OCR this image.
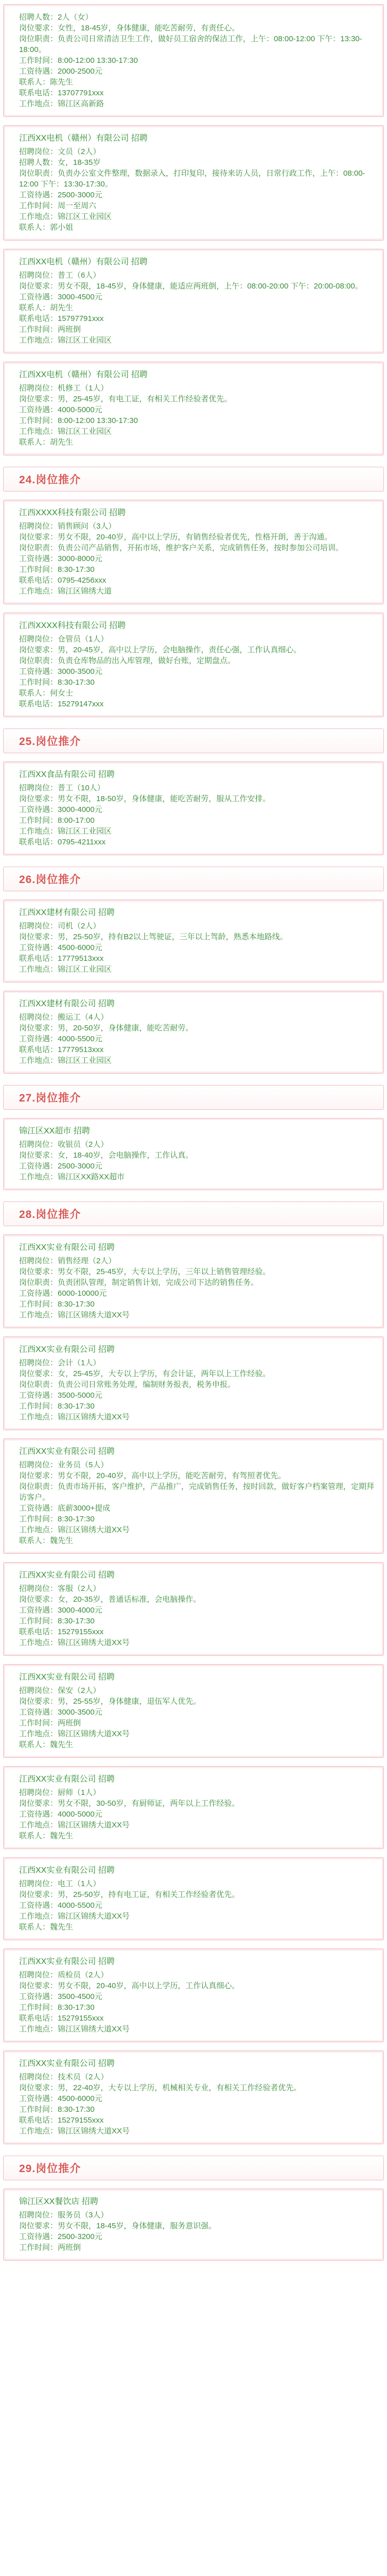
招聘人数：2人（女）
岗位要求：女性，18-45岁，身体健康，能吃苦耐劳，有责任心。
岗位职责：负责公司日常清洁卫生工作，做好员工宿舍的保洁工作，上午：08:00-12:00 下午：13:30-18:00。
工作时间：8:00-12:00 13:30-17:30
工资待遇：2000-2500元
联系人：陈先生
联系电话：13707791xxx
工作地点：锦江区高新路
江西XX电机（赣州）有限公司 招聘
招聘岗位：文员（2人）
招聘人数：女，18-35岁
岗位职责：负责办公室文件整理，数据录入，打印复印，接待来访人员，日常行政工作，上午：08:00-12:00 下午：13:30-17:30。
工资待遇：2500-3000元
工作时间：周一至周六
工作地点：锦江区工业园区
联系人：郭小姐
江西XX电机（赣州）有限公司 招聘
招聘岗位：普工（6人）
岗位要求：男女不限，18-45岁，身体健康，能适应两班倒，上午：08:00-20:00 下午：20:00-08:00。
工资待遇：3000-4500元
联系人：胡先生
联系电话：15797791xxx
工作时间：两班倒
工作地点：锦江区工业园区
江西XX电机（赣州）有限公司 招聘
招聘岗位：机修工（1人）
岗位要求：男，25-45岁，有电工证，有相关工作经验者优先。
工资待遇：4000-5000元
工作时间：8:00-12:00 13:30-17:30
工作地点：锦江区工业园区
联系人：胡先生
24.岗位推介
江西XXXX科技有限公司 招聘
招聘岗位：销售顾问（3人）
岗位要求：男女不限，20-40岁，高中以上学历，有销售经验者优先，性格开朗，善于沟通。
岗位职责：负责公司产品销售，开拓市场，维护客户关系，完成销售任务，按时参加公司培训。
工资待遇：3000-8000元
工作时间：8:30-17:30
联系电话：0795-4256xxx
工作地点：锦江区锦绣大道
江西XXXX科技有限公司 招聘
招聘岗位：仓管员（1人）
岗位要求：男，20-45岁，高中以上学历，会电脑操作，责任心强，工作认真细心。
岗位职责：负责仓库物品的出入库管理，做好台账，定期盘点。
工资待遇：3000-3500元
工作时间：8:30-17:30
联系人：何女士
联系电话：15279147xxx
25.岗位推介
江西XX食品有限公司 招聘
招聘岗位：普工（10人）
岗位要求：男女不限，18-50岁，身体健康，能吃苦耐劳，服从工作安排。
工资待遇：3000-4000元
工作时间：8:00-17:00
工作地点：锦江区工业园区
联系电话：0795-4211xxx
26.岗位推介
江西XX建材有限公司 招聘
招聘岗位：司机（2人）
岗位要求：男，25-50岁，持有B2以上驾驶证，三年以上驾龄，熟悉本地路线。
工资待遇：4500-6000元
联系电话：17779513xxx
工作地点：锦江区工业园区
江西XX建材有限公司 招聘
招聘岗位：搬运工（4人）
岗位要求：男，20-50岁，身体健康，能吃苦耐劳。
工资待遇：4000-5500元
联系电话：17779513xxx
工作地点：锦江区工业园区
27.岗位推介
锦江区XX超市 招聘
招聘岗位：收银员（2人）
岗位要求：女，18-40岁，会电脑操作，工作认真。
工资待遇：2500-3000元
工作地点：锦江区XX路XX超市
28.岗位推介
江西XX实业有限公司 招聘
招聘岗位：销售经理（2人）
岗位要求：男女不限，25-45岁，大专以上学历，三年以上销售管理经验。
岗位职责：负责团队管理，制定销售计划，完成公司下达的销售任务。
工资待遇：6000-10000元
工作时间：8:30-17:30
工作地点：锦江区锦绣大道XX号
江西XX实业有限公司 招聘
招聘岗位：会计（1人）
岗位要求：女，25-45岁，大专以上学历，有会计证，两年以上工作经验。
岗位职责：负责公司日常账务处理，编制财务报表，税务申报。
工资待遇：3500-5000元
工作时间：8:30-17:30
工作地点：锦江区锦绣大道XX号
江西XX实业有限公司 招聘
招聘岗位：业务员（5人）
岗位要求：男女不限，20-40岁，高中以上学历，能吃苦耐劳，有驾照者优先。
岗位职责：负责市场开拓，客户维护，产品推广，完成销售任务，按时回款，做好客户档案管理，定期拜访客户。
工资待遇：底薪3000+提成
工作时间：8:30-17:30
工作地点：锦江区锦绣大道XX号
联系人：魏先生
江西XX实业有限公司 招聘
招聘岗位：客服（2人）
岗位要求：女，20-35岁，普通话标准，会电脑操作。
工资待遇：3000-4000元
工作时间：8:30-17:30
联系电话：15279155xxx
工作地点：锦江区锦绣大道XX号
江西XX实业有限公司 招聘
招聘岗位：保安（2人）
岗位要求：男，25-55岁，身体健康，退伍军人优先。
工资待遇：3000-3500元
工作时间：两班倒
工作地点：锦江区锦绣大道XX号
联系人：魏先生
江西XX实业有限公司 招聘
招聘岗位：厨师（1人）
岗位要求：男女不限，30-50岁，有厨师证，两年以上工作经验。
工资待遇：4000-5000元
工作地点：锦江区锦绣大道XX号
联系人：魏先生
江西XX实业有限公司 招聘
招聘岗位：电工（1人）
岗位要求：男，25-50岁，持有电工证，有相关工作经验者优先。
工资待遇：4000-5500元
工作地点：锦江区锦绣大道XX号
联系人：魏先生
江西XX实业有限公司 招聘
招聘岗位：质检员（2人）
岗位要求：男女不限，20-40岁，高中以上学历，工作认真细心。
工资待遇：3500-4500元
工作时间：8:30-17:30
联系电话：15279155xxx
工作地点：锦江区锦绣大道XX号
江西XX实业有限公司 招聘
招聘岗位：技术员（2人）
岗位要求：男，22-40岁，大专以上学历，机械相关专业，有相关工作经验者优先。
工资待遇：4500-6000元
工作时间：8:30-17:30
联系电话：15279155xxx
工作地点：锦江区锦绣大道XX号
29.岗位推介
锦江区XX餐饮店 招聘
招聘岗位：服务员（3人）
岗位要求：男女不限，18-45岁，身体健康，服务意识强。
工资待遇：2500-3200元
工作时间：两班倒
